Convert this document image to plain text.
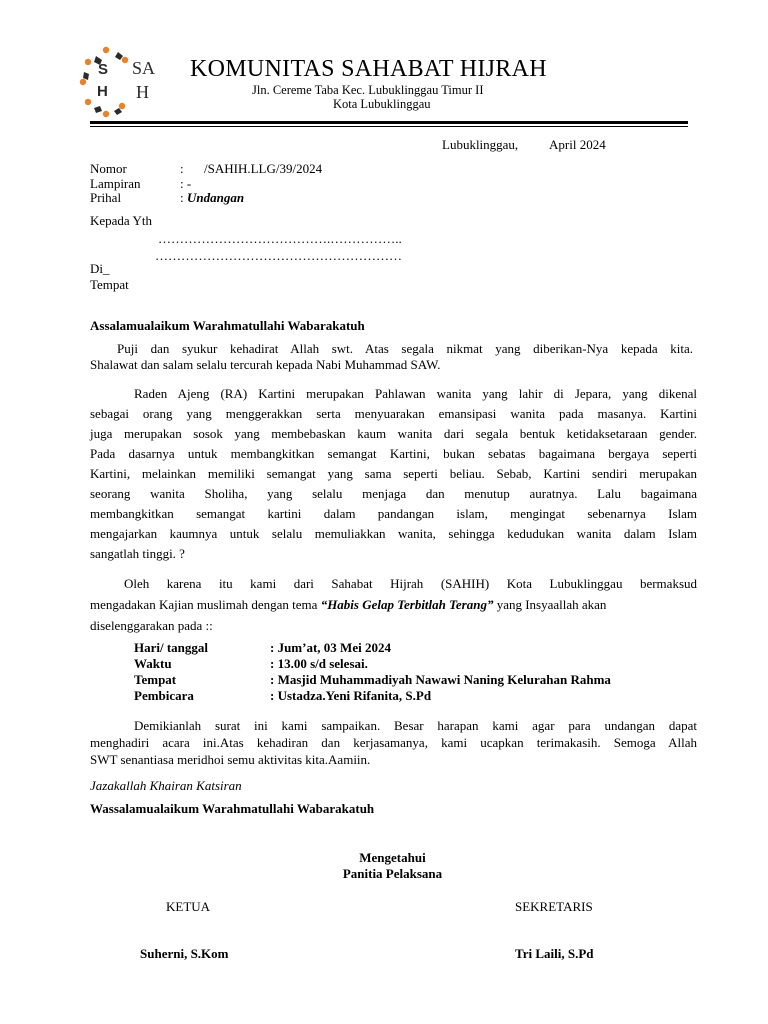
S
H
SA
H
KOMUNITAS SAHABAT HIJRAH
Jln. Cereme Taba Kec. Lubuklinggau Timur II
Kota Lubuklinggau
Lubuklinggau, April 2024
Nomor	: /SAHIH.LLG/39/2024
Lampiran	: -
Prihal	: Undangan
Kepada Yth
………………………………….……………..
…………………………………………………
Di_
Tempat
Assalamualaikum Warahmatullahi Wabarakatuh
Puji dan syukur kehadirat Allah swt. Atas segala nikmat yang diberikan-Nya kepada kita.
Shalawat dan salam selalu tercurah kepada Nabi Muhammad SAW.
Raden Ajeng (RA) Kartini merupakan Pahlawan wanita yang lahir di Jepara, yang dikenal
sebagai orang yang menggerakkan serta menyuarakan emansipasi wanita pada masanya. Kartini
juga merupakan sosok yang membebaskan kaum wanita dari segala bentuk ketidaksetaraan gender.
Pada dasarnya untuk membangkitkan semangat Kartini, bukan sebatas bagaimana bergaya seperti
Kartini, melainkan memiliki semangat yang sama seperti beliau. Sebab, Kartini sendiri merupakan
seorang wanita Sholiha, yang selalu menjaga dan menutup auratnya. Lalu bagaimana
membangkitkan semangat kartini dalam pandangan islam, mengingat sebenarnya Islam
mengajarkan kaumnya untuk selalu memuliakkan wanita, sehingga kedudukan wanita dalam Islam
sangatlah tinggi. ?
Oleh karena itu kami dari Sahabat Hijrah (SAHIH) Kota Lubuklinggau bermaksud
mengadakan Kajian muslimah dengan tema “Habis Gelap Terbitlah Terang” yang Insyaallah akan
diselenggarakan pada ::
Hari/ tanggal	: Jum’at, 03 Mei 2024
Waktu	: 13.00 s/d selesai.
Tempat	: Masjid Muhammadiyah Nawawi Naning Kelurahan Rahma
Pembicara	: Ustadza.Yeni Rifanita, S.Pd
Demikianlah surat ini kami sampaikan. Besar harapan kami agar para undangan dapat
menghadiri acara ini.Atas kehadiran dan kerjasamanya, kami ucapkan terimakasih. Semoga Allah
SWT senantiasa meridhoi semu aktivitas kita.Aamiin.
Jazakallah Khairan Katsiran
Wassalamualaikum Warahmatullahi Wabarakatuh
Mengetahui
Panitia Pelaksana
KETUA	SEKRETARIS
Suherni, S.Kom	Tri Laili, S.Pd
